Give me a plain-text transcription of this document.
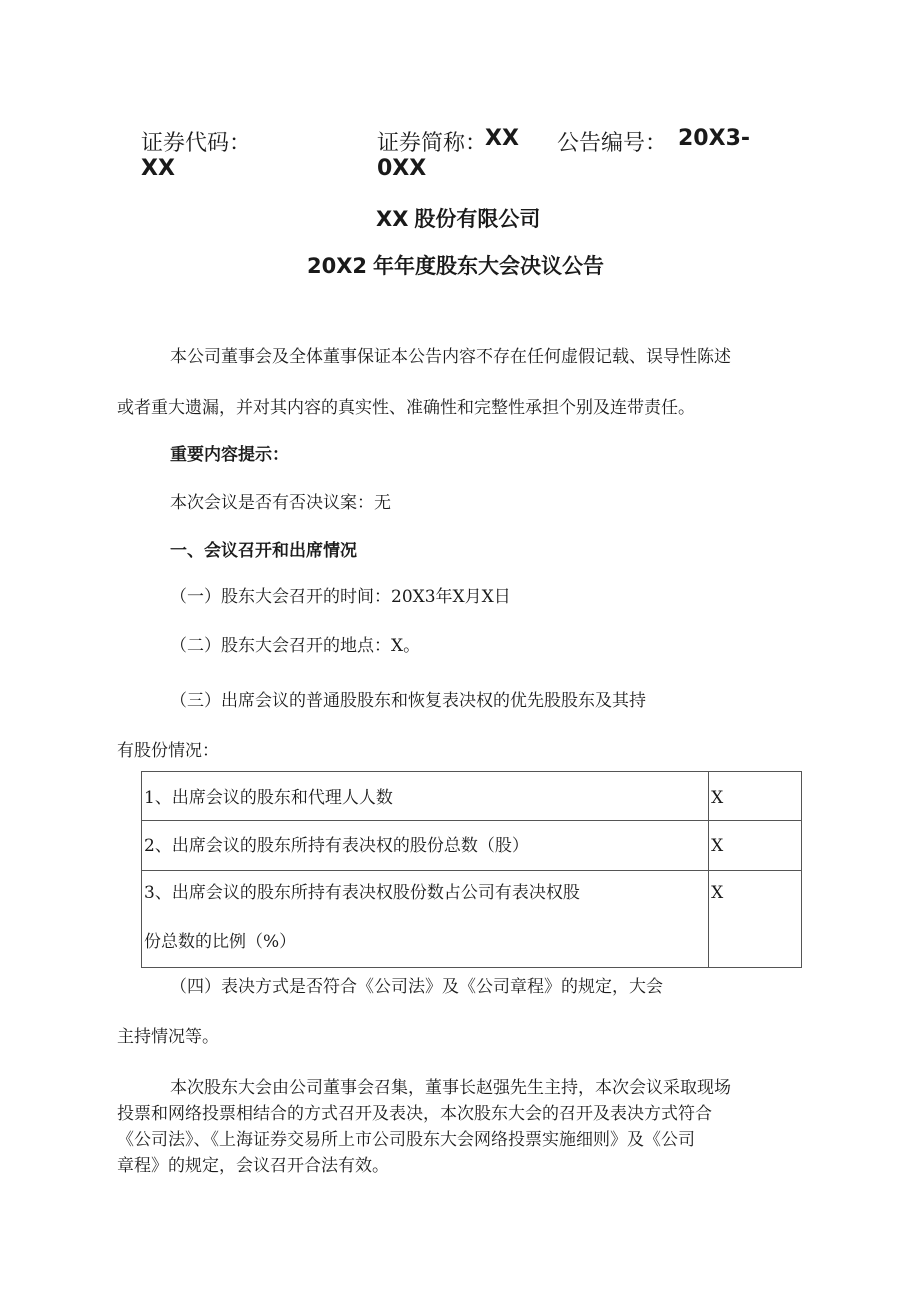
证券代码：
XX
证券简称：
XX 公告编号： 20X3-
0XX
XX 股份有限公司
20X2 年年度股东大会决议公告
本公司董事会及全体董事保证本公告内容不存在任何虚假记载、误导性陈述
或者重大遗漏，并对其内容的真实性、准确性和完整性承担个别及连带责任。
重要内容提示：
本次会议是否有否决议案：无
一、会议召开和出席情况
（一）股东大会召开的时间：20X3年X月X日
（二）股东大会召开的地点：X。
（三）出席会议的普通股股东和恢复表决权的优先股股东及其持
有股份情况：
1、出席会议的股东和代理人人数	X

2、出席会议的股东所持有表决权的股份总数（股）	X

3、出席会议的股东所持有表决权股份数占公司有表决权股
份总数的比例（%）	X
（四）表决方式是否符合《公司法》及《公司章程》的规定，大会
主持情况等。
本次股东大会由公司董事会召集，董事长赵强先生主持，本次会议采取现场
投票和网络投票相结合的方式召开及表决，本次股东大会的召开及表决方式符合
《公司法》、《上海证券交易所上市公司股东大会网络投票实施细则》及《公司
章程》的规定，会议召开合法有效。
